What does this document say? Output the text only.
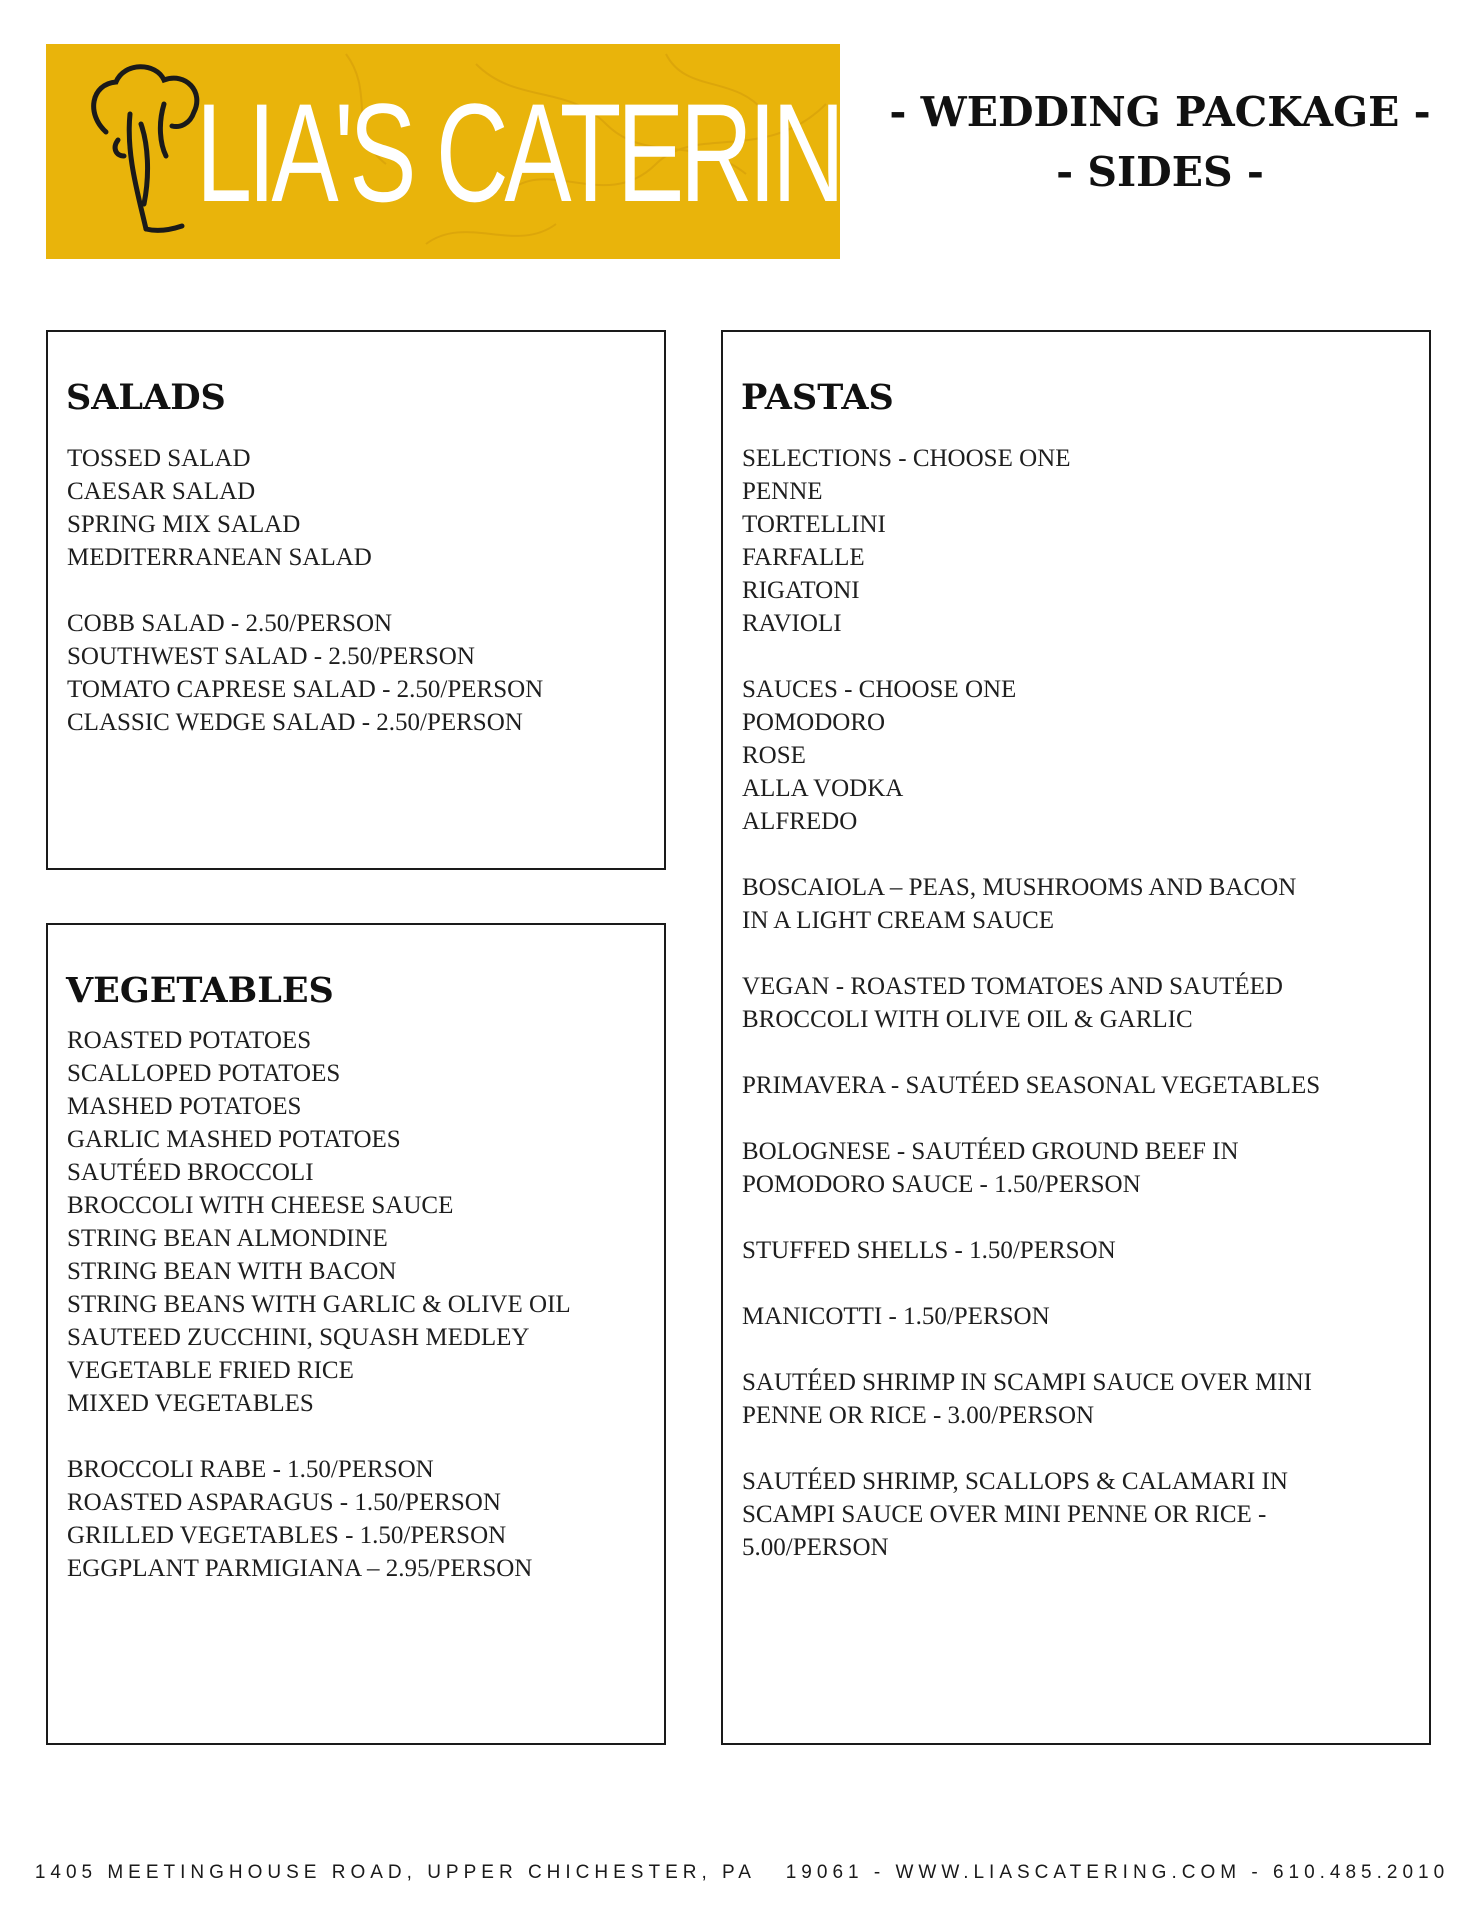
LIA'S CATERING
- WEDDING PACKAGE -
- SIDES -
SALADS
TOSSED SALAD
CAESAR SALAD
SPRING MIX SALAD
MEDITERRANEAN SALAD
COBB SALAD - 2.50/PERSON
SOUTHWEST SALAD - 2.50/PERSON
TOMATO CAPRESE SALAD - 2.50/PERSON
CLASSIC WEDGE SALAD - 2.50/PERSON
VEGETABLES
ROASTED POTATOES
SCALLOPED POTATOES
MASHED POTATOES
GARLIC MASHED POTATOES
SAUTÉED BROCCOLI
BROCCOLI WITH CHEESE SAUCE
STRING BEAN ALMONDINE
STRING BEAN WITH BACON
STRING BEANS WITH GARLIC & OLIVE OIL
SAUTEED ZUCCHINI, SQUASH MEDLEY
VEGETABLE FRIED RICE
MIXED VEGETABLES
BROCCOLI RABE - 1.50/PERSON
ROASTED ASPARAGUS - 1.50/PERSON
GRILLED VEGETABLES - 1.50/PERSON
EGGPLANT PARMIGIANA – 2.95/PERSON
PASTAS
SELECTIONS - CHOOSE ONE
PENNE
TORTELLINI
FARFALLE
RIGATONI
RAVIOLI
SAUCES - CHOOSE ONE
POMODORO
ROSE
ALLA VODKA
ALFREDO
BOSCAIOLA – PEAS, MUSHROOMS AND BACON
IN A LIGHT CREAM SAUCE
VEGAN - ROASTED TOMATOES AND SAUTÉED
BROCCOLI WITH OLIVE OIL & GARLIC
PRIMAVERA - SAUTÉED SEASONAL VEGETABLES
BOLOGNESE - SAUTÉED GROUND BEEF IN
POMODORO SAUCE - 1.50/PERSON
STUFFED SHELLS - 1.50/PERSON
MANICOTTI - 1.50/PERSON
SAUTÉED SHRIMP IN SCAMPI SAUCE OVER MINI
PENNE OR RICE - 3.00/PERSON
SAUTÉED SHRIMP, SCALLOPS & CALAMARI IN
SCAMPI SAUCE OVER MINI PENNE OR RICE -
5.00/PERSON
1405 MEETINGHOUSE ROAD, UPPER CHICHESTER, PA   19061 - WWW.LIASCATERING.COM - 610.485.2010
